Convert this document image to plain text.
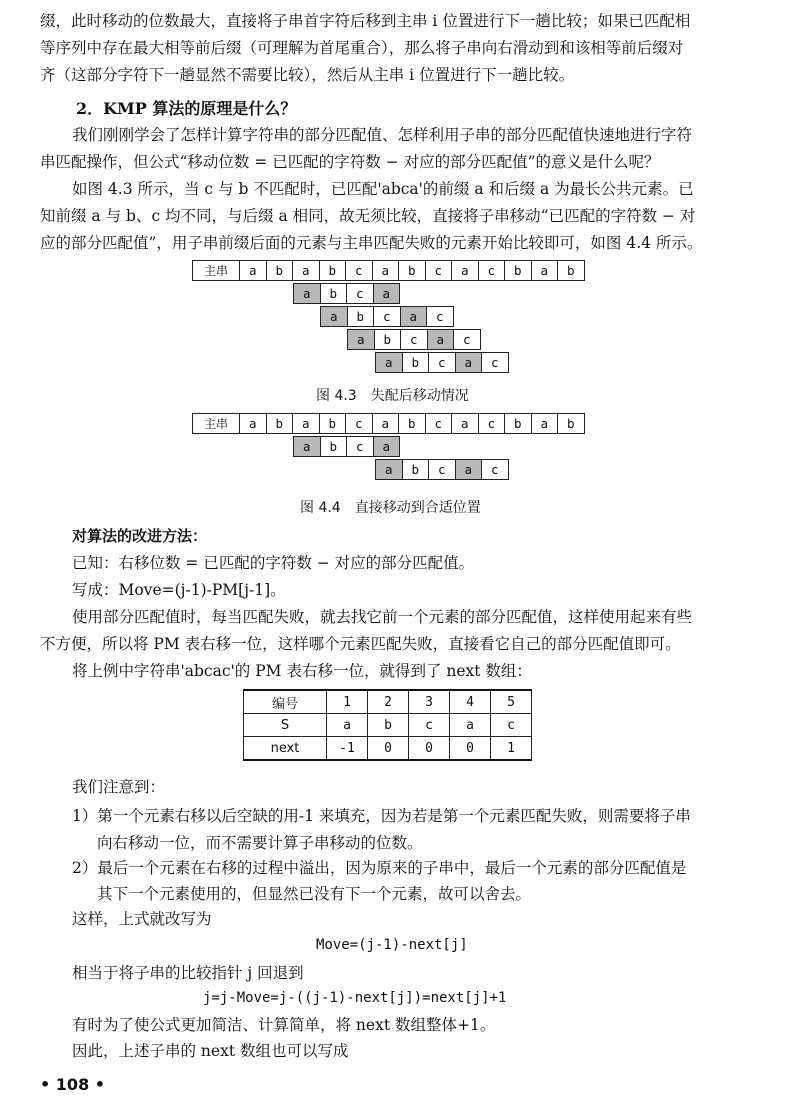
缀，此时移动的位数最大，直接将子串首字符后移到主串 i 位置进行下一趟比较；如果已匹配相
等序列中存在最大相等前后缀（可理解为首尾重合），那么将子串向右滑动到和该相等前后缀对
齐（这部分字符下一趟显然不需要比较），然后从主串 i 位置进行下一趟比较。
2．KMP 算法的原理是什么？
我们刚刚学会了怎样计算字符串的部分匹配值、怎样利用子串的部分匹配值快速地进行字符
串匹配操作，但公式“移动位数 = 已匹配的字符数 − 对应的部分匹配值”的意义是什么呢？
如图 4.3 所示，当 c 与 b 不匹配时，已匹配'abca'的前缀 a 和后缀 a 为最长公共元素。已
知前缀 a 与 b、c 均不同，与后缀 a 相同，故无须比较，直接将子串移动“已匹配的字符数 − 对
应的部分匹配值”，用子串前缀后面的元素与主串匹配失败的元素开始比较即可，如图 4.4 所示。
主串	a	b	a	b	c	a	b	c	a	c	b	a	b
a	b	c	a
a	b	c	a	c
a	b	c	a	c
a	b	c	a	c
图 4.3　失配后移动情况
主串	a	b	a	b	c	a	b	c	a	c	b	a	b
a	b	c	a
a	b	c	a	c
图 4.4　直接移动到合适位置
对算法的改进方法：
已知：右移位数 = 已匹配的字符数 − 对应的部分匹配值。
写成：Move=(j-1)-PM[j-1]。
使用部分匹配值时，每当匹配失败，就去找它前一个元素的部分匹配值，这样使用起来有些
不方便，所以将 PM 表右移一位，这样哪个元素匹配失败，直接看它自己的部分匹配值即可。
将上例中字符串'abcac'的 PM 表右移一位，就得到了 next 数组：
编号	1	2	3	4	5
S	a	b	c	a	c
next	-1	0	0	0	1
我们注意到：
1）第一个元素右移以后空缺的用-1 来填充，因为若是第一个元素匹配失败，则需要将子串
向右移动一位，而不需要计算子串移动的位数。
2）最后一个元素在右移的过程中溢出，因为原来的子串中，最后一个元素的部分匹配值是
其下一个元素使用的，但显然已没有下一个元素，故可以舍去。
这样，上式就改写为
Move=(j-1)-next[j]
相当于将子串的比较指针 j 回退到
j=j-Move=j-((j-1)-next[j])=next[j]+1
有时为了使公式更加简洁、计算简单，将 next 数组整体+1。
因此，上述子串的 next 数组也可以写成
• 108 •
